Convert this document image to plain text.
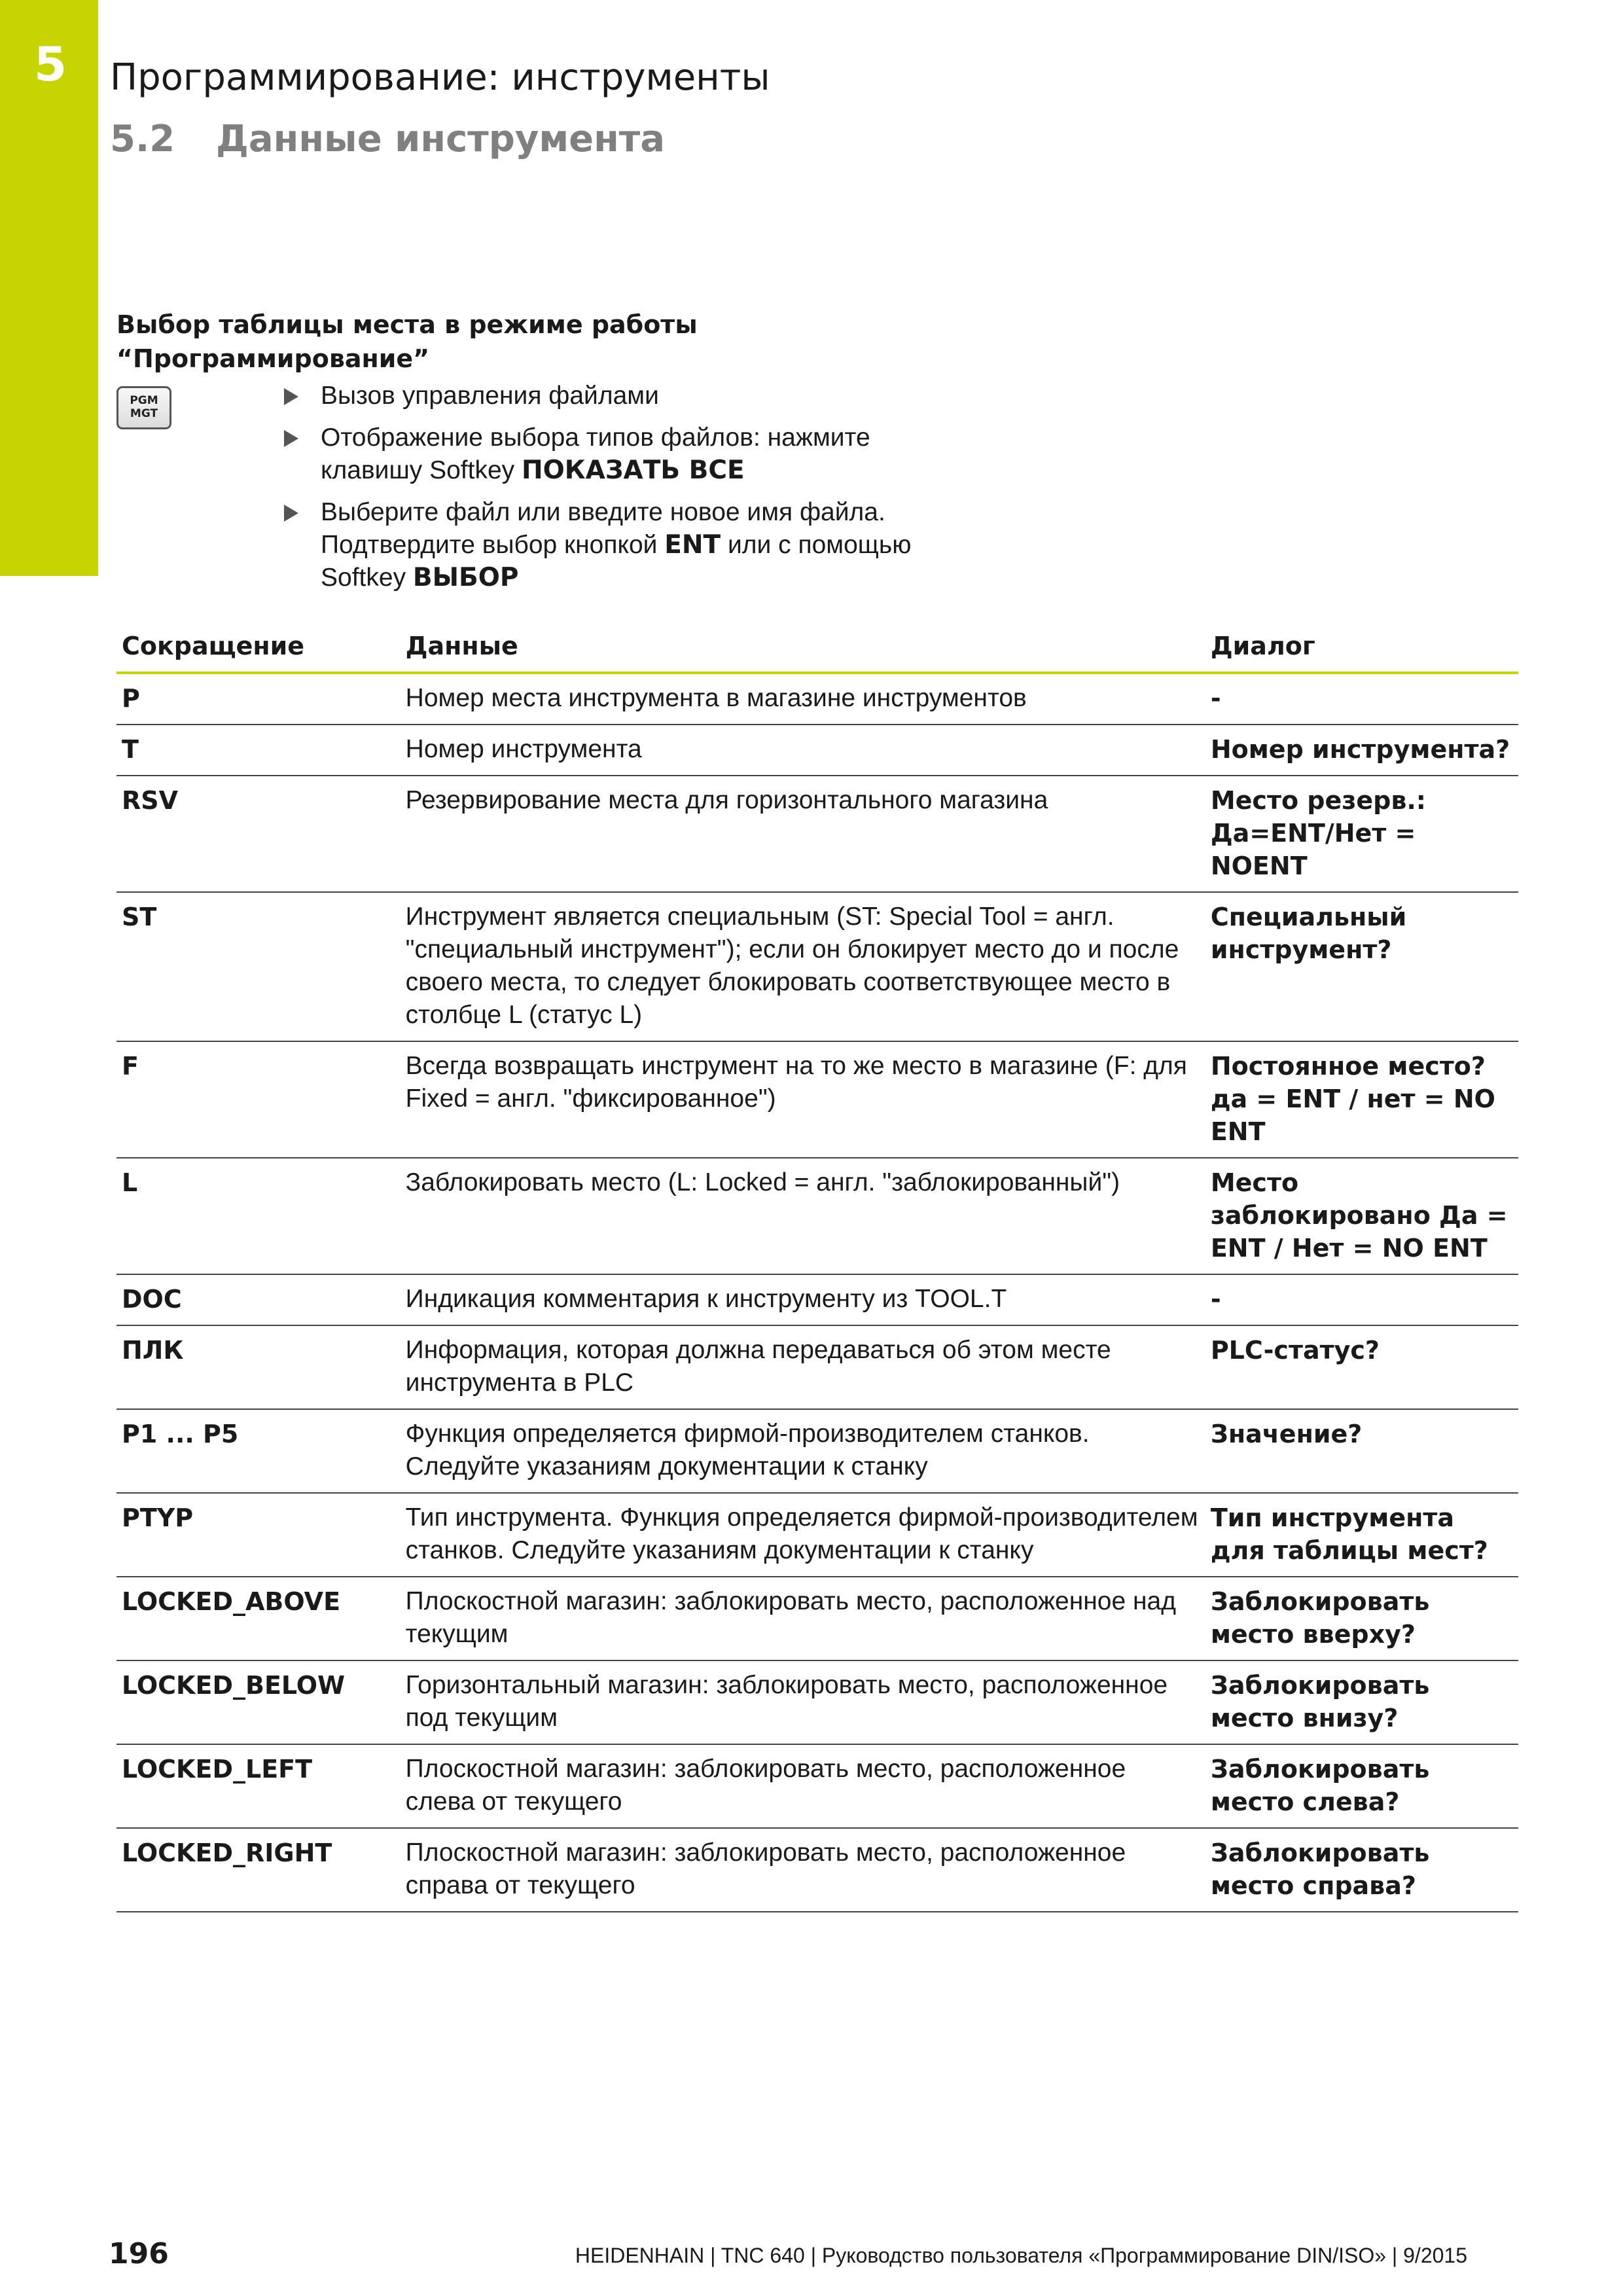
5 Программирование: инструменты
5.2 Данные инструмента
Выбор таблицы места в режиме работы
“Программирование”
PGM
MGT
Вызов управления файлами
Отображение выбора типов файлов: нажмите клавишу Softkey ПОКАЗАТЬ ВСЕ
Выберите файл или введите новое имя файла. Подтвердите выбор кнопкой ENT или с помощью Softkey ВЫБОР
Сокращение	Данные	Диалог
P	Номер места инструмента в магазине инструментов	-
T	Номер инструмента	Номер инструмента?
RSV	Резервирование места для горизонтального магазина	Место резерв.: Да=ENT/Нет = NOENT
ST	Инструмент является специальным (ST: Special Tool = англ. "специальный инструмент"); если он блокирует место до и после своего места, то следует блокировать соответствующее место в столбце L (статус L)	Специальный инструмент?
F	Всегда возвращать инструмент на то же место в магазине (F: для Fixed = англ. "фиксированное")	Постоянное место? да = ENT / нет = NO ENT
L	Заблокировать место (L: Locked = англ. "заблокированный")	Место заблокировано Да = ENT / Нет = NO ENT
DOC	Индикация комментария к инструменту из TOOL.T	-
ПЛК	Информация, которая должна передаваться об этом месте инструмента в PLC	PLC-статус?
P1 ... P5	Функция определяется фирмой-производителем станков. Следуйте указаниям документации к станку	Значение?
PTYP	Тип инструмента. Функция определяется фирмой-производителем станков. Следуйте указаниям документации к станку	Тип инструмента для таблицы мест?
LOCKED_ABOVE	Плоскостной магазин: заблокировать место, расположенное над текущим	Заблокировать место вверху?
LOCKED_BELOW	Горизонтальный магазин: заблокировать место, расположенное под текущим	Заблокировать место внизу?
LOCKED_LEFT	Плоскостной магазин: заблокировать место, расположенное слева от текущего	Заблокировать место слева?
LOCKED_RIGHT	Плоскостной магазин: заблокировать место, расположенное справа от текущего	Заблокировать место справа?
196	HEIDENHAIN | TNC 640 | Руководство пользователя «Программирование DIN/ISO» | 9/2015
